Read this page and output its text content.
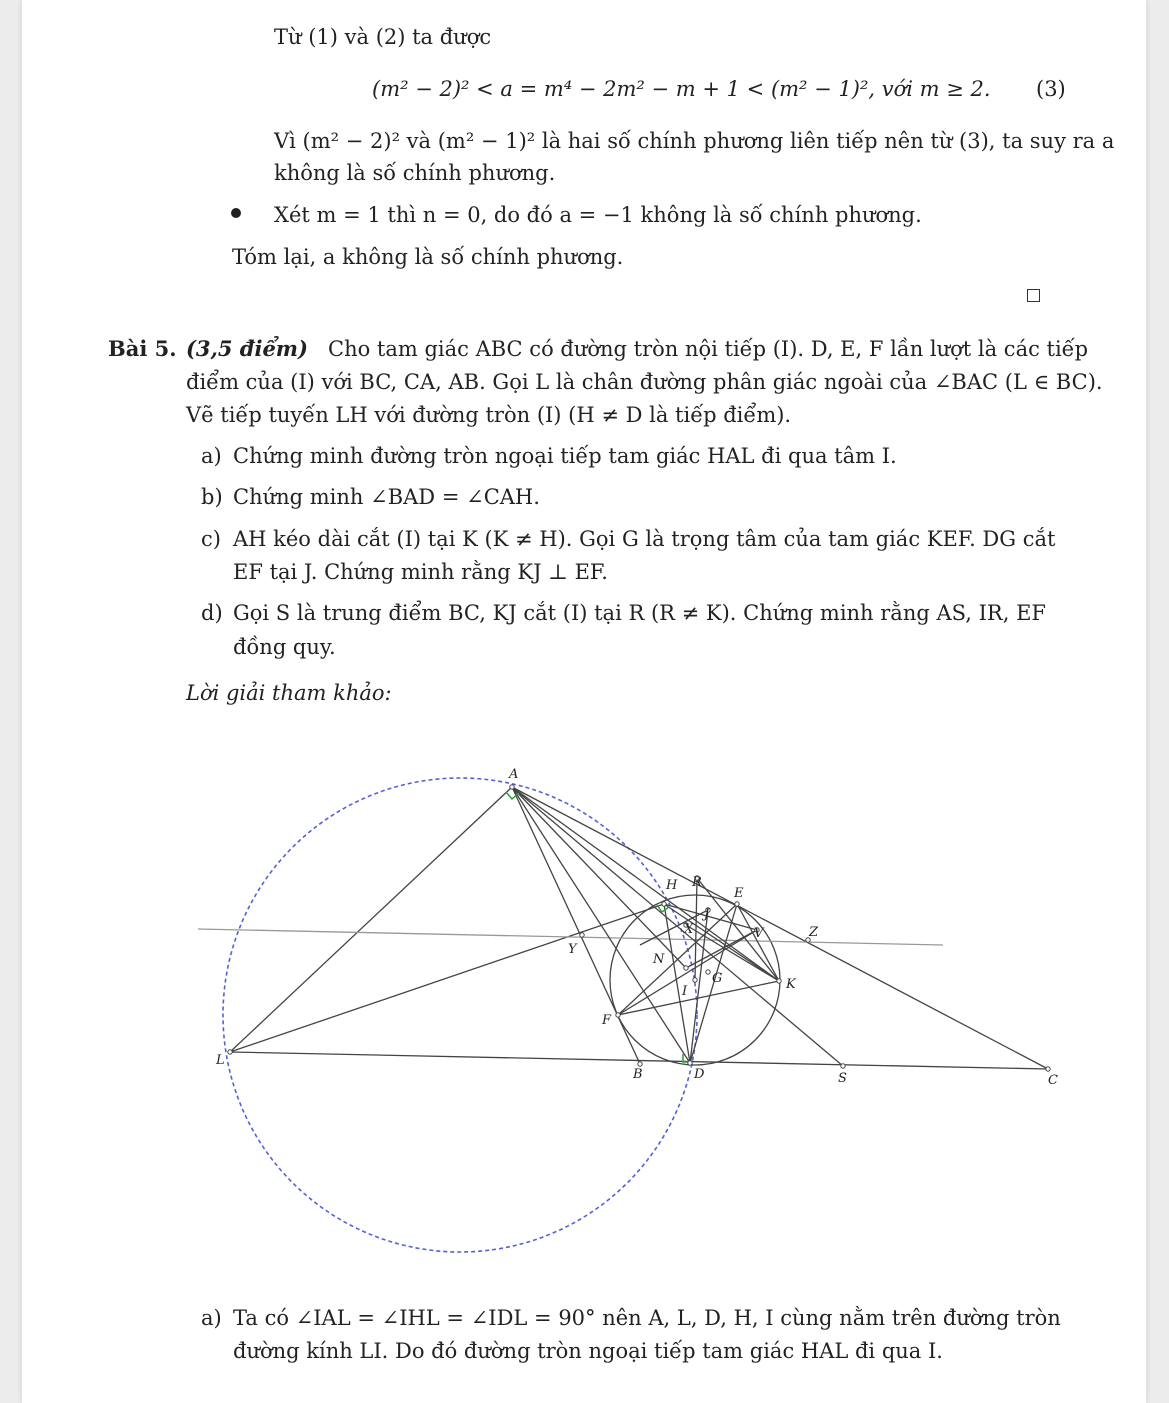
Từ (1) và (2) ta được
(m² − 2)² < a = m⁴ − 2m² − m + 1 < (m² − 1)², với m ≥ 2. (3)
Vì (m² − 2)² và (m² − 1)² là hai số chính phương liên tiếp nên từ (3), ta suy ra a
không là số chính phương.
Xét m = 1 thì n = 0, do đó a = −1 không là số chính phương.
Tóm lại, a không là số chính phương.
Bài 5. (3,5 điểm) Cho tam giác ABC có đường tròn nội tiếp (I). D, E, F lần lượt là các tiếp
điểm của (I) với BC, CA, AB. Gọi L là chân đường phân giác ngoài của ∠BAC (L ∈ BC).
Vẽ tiếp tuyến LH với đường tròn (I) (H ≠ D là tiếp điểm).
a) Chứng minh đường tròn ngoại tiếp tam giác HAL đi qua tâm I.
b) Chứng minh ∠BAD = ∠CAH.
c) AH kéo dài cắt (I) tại K (K ≠ H). Gọi G là trọng tâm của tam giác KEF. DG cắt
EF tại J. Chứng minh rằng KJ ⊥ EF.
d) Gọi S là trung điểm BC, KJ cắt (I) tại R (R ≠ K). Chứng minh rằng AS, IR, EF
đồng quy.
Lời giải tham khảo:
A
H R
E
J
X	V	Z
Y
N
G
I	K
F
L
B	D	S	C
a) Ta có ∠IAL = ∠IHL = ∠IDL = 90° nên A, L, D, H, I cùng nằm trên đường tròn
đường kính LI. Do đó đường tròn ngoại tiếp tam giác HAL đi qua I.
